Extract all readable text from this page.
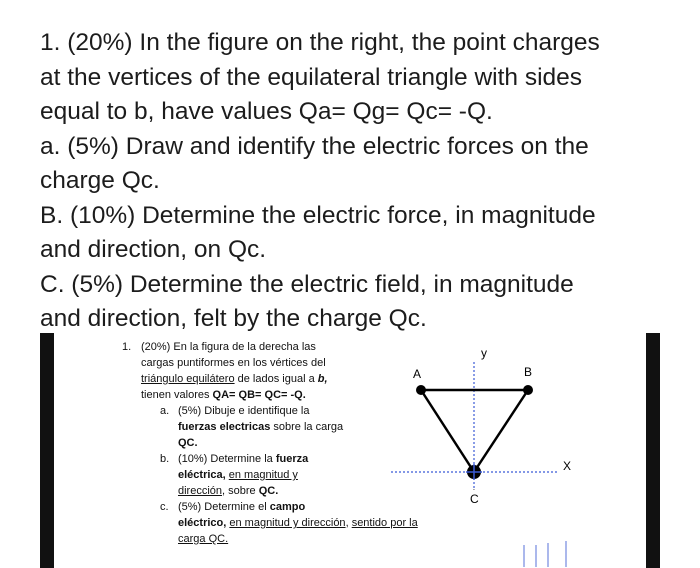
1. (20%) In the figure on the right, the point charges
at the vertices of the equilateral triangle with sides
equal to b, have values Qa= Qg= Qc= -Q.
a. (5%) Draw and identify the electric forces on the
charge Qc.
B. (10%) Determine the electric force, in magnitude
and direction, on Qc.
C. (5%) Determine the electric field, in magnitude
and direction, felt by the charge Qc.
1. (20%) En la figura de la derecha las
cargas puntiformes en los vértices del
triángulo equilátero de lados igual a b,
tienen valores QA= QB= QC= -Q.
a. (5%) Dibuje e identifique la
fuerzas electricas sobre la carga
QC.
b. (10%) Determine la fuerza
eléctrica, en magnitud y
dirección, sobre QC.
c. (5%) Determine el campo
eléctrico, en magnitud y dirección, sentido por la
carga QC.
A	B
y
X
C
·
